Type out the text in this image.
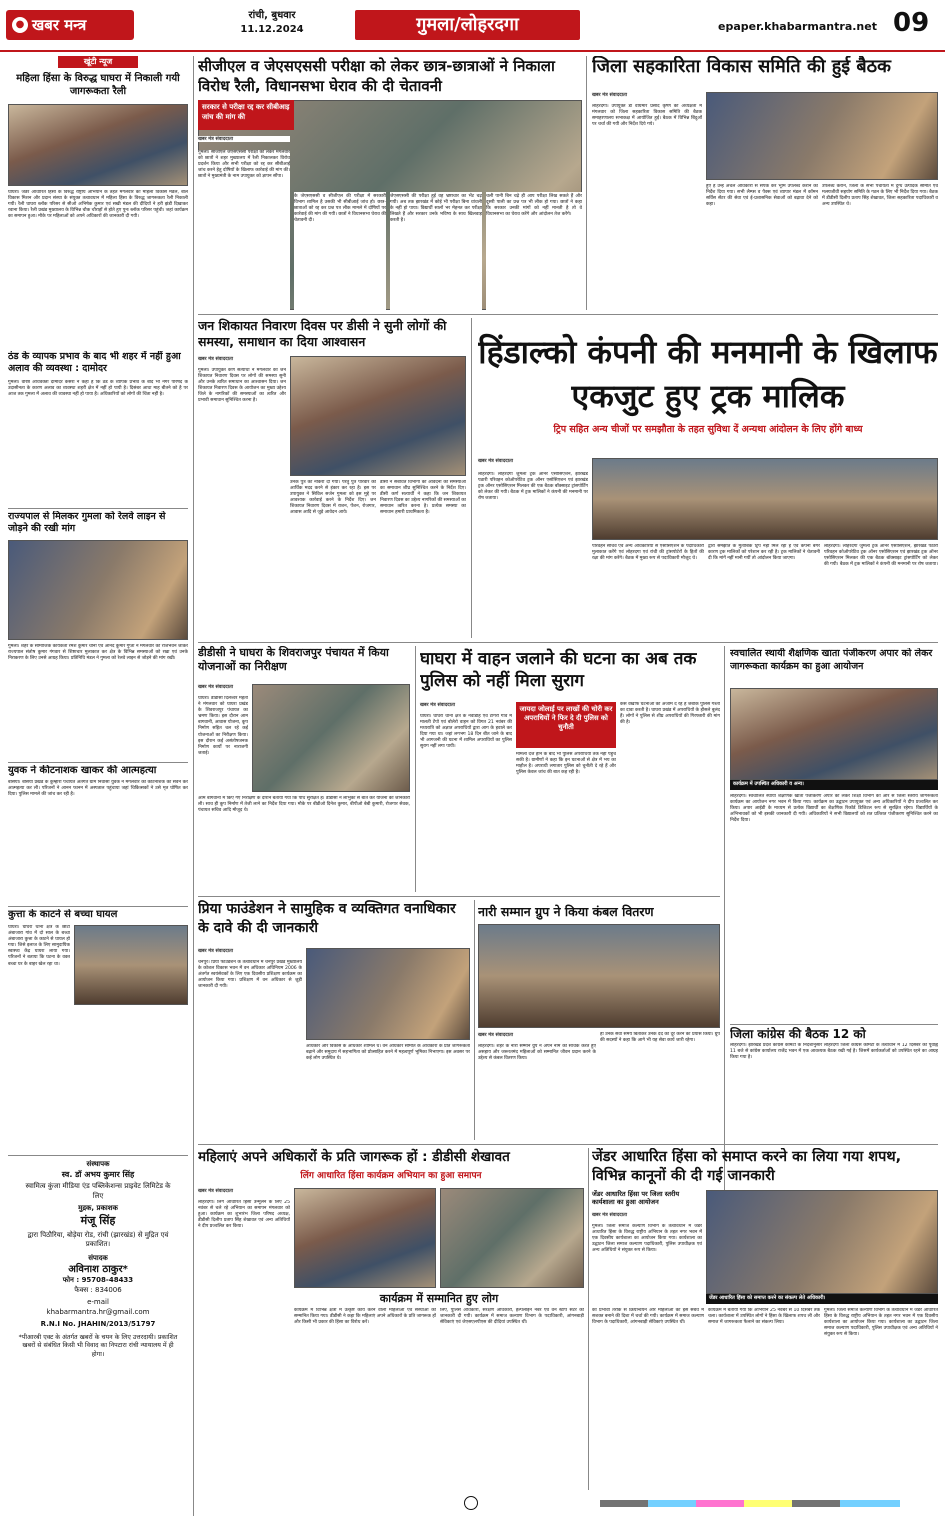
● खबर मन्त्र
रांची, बुधवार
11.12.2024	गुमला/लोहरदगा	epaper.khabarmantra.net 09
खूंटी न्यूज
महिला हिंसा के विरुद्ध घाघरा में निकाली गयी जागरूकता रैली
घाघरा। जेंडर आधारित हिंसा के विरुद्ध राष्ट्रीय अभियान के तहत मंगलवार को महिला विकास मंडल, बाल विकास मिशन और प्रदान संस्था के संयुक्त तत्वावधान में महिला हिंसा के विरुद्ध जागरूकता रैली निकाली गयी। रैली घाघरा ब्लॉक परिसर से सीओ अभिषेक कुमार एवं सखी मंडल की दीदियों ने हरी झंडी दिखाकर रवाना किया। रैली प्रखंड मुख्यालय के विभिन्न चौक चौराहों से होते हुए पुनः ब्लॉक परिसर पहुंची। जहां कार्यक्रम का समापन हुआ। मौके पर महिलाओं को अपने अधिकारों की जानकारी दी गयी।
ठंड के व्यापक प्रभाव के बाद भी शहर में नहीं हुआ अलाव की व्यवस्था : दामोदर
गुमला। वरिष्ठ अधिवक्ता दामोदर कसेरा ने कहा है कि ठंड के व्यापक प्रभाव के बाद भी नगर परिषद के उदासीनता के कारण अलाव का व्यवस्था शहरी क्षेत्र में नहीं हो पायी है। दिसंबर आधा माह बीतने को है पर आज तक गुमला में अलाव की व्यवस्था नहीं हो पाया है। अधिकारियों को लोगों की चिंता नहीं है।
राज्यपाल से मिलकर गुमला को रेलवे लाइन से जोड़ने की रखी मांग
गुमला। शहर के सामाजिक कार्यकर्ता रमेश कुमार चीनी एवं आनंद कुमार गुप्ता ने मंगलवार को राजभवन जाकर राज्यपाल संतोष कुमार गंगवार से शिष्टाचार मुलाकात कर क्षेत्र के विभिन्न समस्याओं को रखा एवं उनके निराकरण के लिए उनसे आग्रह किया। प्रतिनिधि मंडल ने गुमला को रेलवे लाइन से जोड़ने की मांग रखी।
युवक ने कीटनाशक खाकर की आत्महत्या
बसिया। बसिया प्रखंड के कुम्हारी पंचायत अंतर्गत ग्राम निवासी युवक ने मंगलवार को कीटनाशक का सेवन कर आत्महत्या कर ली। परिजनों ने आनन फानन में अस्पताल पहुंचाया जहां चिकित्सकों ने उसे मृत घोषित कर दिया। पुलिस मामले की जांच कर रही है।
कुत्ता के काटने से बच्चा घायल
घाघरा। घाघरा थाना क्षेत्र के छोटा अंबाजारा गांव में दो साल के बच्चा अंबाजारा कुत्ता के काटने से घायल हो गया। जिसे इलाज के लिए सामुदायिक स्वास्थ्य केंद्र घाघरा लाया गया। परिजनों ने बताया कि घटना के वक्त बच्चा घर के बाहर खेल रहा था।
संस्थापक
स्व. डॉ अभय कुमार सिंह
स्वामित्व कुंजा मीडिया एंड पब्लिकेशन्स प्राइवेट लिमिटेड के लिए
मुद्रक, प्रकाशक
मंजू सिंह
द्वारा पिठौरिया, बोड़ेया रोड, रांची (झारखंड) से मुद्रित एवं प्रकाशित।
संपादक
अविनाश ठाकुर*
फोन : 95708-48433
फैक्स : 834006
e-mail
khabarmantra.hr@gmail.com
R.N.I No. JHAHIN/2013/51797
*पीआरबी एक्ट के अंतर्गत खबरों के चयन के लिए उत्तरदायी। प्रकाशित खबरों से संबंधित किसी भी विवाद का निपटारा रांची न्यायालय में ही होगा।
सीजीएल व जेएसएससी परीक्षा को लेकर छात्र-छात्राओं ने निकाला विरोध रैली, विधानसभा घेराव की दी चेतावनी
सरकार से परीक्षा रद्द कर सीबीआइ जांच की मांग की
खबर मंत्र संवाददाता
गुमला। सीजीएल जेएसएससी परीक्षा को लेकर मंगलवार को छात्रों ने शहर मुख्यालय में रैली निकालकर विरोध प्रदर्शन किया और सभी परीक्षा को रद्द कर सीबीआई जांच करने हेतु दोषियों के खिलाफ कार्रवाई की मांग की। छात्रों ने मुख्यमंत्री के नाम उपायुक्त को ज्ञापन सौंपा।
के जेएसएससी व सीजीएल की परीक्षा में सरकारी विभाग शामिल है उसकी भी सीबीआई जांच हो। छात्र-छात्राओं को रद्द कर प्रश्न पत्र लीक मामले में दोषियों पर कार्रवाई की मांग की गयी। छात्रों ने विधानसभा घेराव की चेतावनी दी।
जेएसएससी की परीक्षा हुई वह भ्रष्टाचार का भेंट चढ़ गयी। अब तक झारखंड में कोई भी परीक्षा बिना धांधली के नहीं हो पाया। विद्यार्थी सालों भर मेहनत कर परीक्षा लिखते हैं और सरकार उनके भविष्य के साथ खिलवाड़ करती है।
चली पानी बिन चढ़े ही आप परीक्षा लिख सकते हैं और दूसरी पाली का प्रश्न पत्र भी लीक हो गया। छात्रों ने कहा कि सरकार उनकी मांगों को नहीं मानती है तो वे विधानसभा का घेराव करेंगे और आंदोलन तेज करेंगे।
जिला सहकारिता विकास समिति की हुई बैठक
खबर मंत्र संवाददाता
लोहरदगा। उपायुक्त डॉ वाघमारे प्रसाद कृष्ण की अध्यक्षता में मंगलवार को जिला सहकारिता विकास समिति की बैठक समाहरणालय सभाकक्ष में आयोजित हुई। बैठक में विभिन्न बिंदुओं पर चर्चा की गयी और निर्देश दिये गये।
हुए हैं उन्हें अंचल अधिकारी से संपर्क कर भूमि उपलब्ध कराने का निर्देश दिया गया। सभी लैम्प्स व पैक्स एवं व्यापार मंडल में कॉमन सर्विस सेंटर की सेवा एवं ई-प्रशासनिक सेवाओं को बढ़ावा देने को कहा।
उपलब्ध कराने, जिला के सभी पंचायतों में दुग्ध उत्पादक समिति एवं मत्स्यजीवी सहयोग समिति के गठन के लिए भी निर्देश दिया गया। बैठक में डीडीसी दिलीप प्रताप सिंह शेखावत, जिला सहकारिता पदाधिकारी व अन्य उपस्थित थे।
जन शिकायत निवारण दिवस पर डीसी ने सुनी लोगों की समस्या, समाधान का दिया आश्वासन
खबर मंत्र संवाददाता
गुमला। उपायुक्त कर्ण सत्यार्थी ने मंगलवार को जन शिकायत निवारण दिवस पर लोगों की समस्या सुनी और उनके त्वरित समाधान का आश्वासन दिया। जन शिकायत निवारण दिवस के आयोजन का मुख्य उद्देश्य जिले के नागरिकों की समस्याओं का त्वरित और प्रभावी समाधान सुनिश्चित करना है।
उनके पुत्र को नौकरी दी गयी। परंतु पुत्र परिवार की आर्थिक मदद करने से इंकार कर रहा है। इस पर उपायुक्त ने सिविल सर्जन गुमला को इस मुद्दे पर आवश्यक कार्रवाई करने के निर्देश दिए। जन शिकायत निवारण दिवस में राशन, पेंशन, रोजगार, आवास आदि से जुड़े आवेदन आये।
डीसी ने संबंधित विभागों को आवेदनों की समस्याओं का समाधान शीघ्र सुनिश्चित करने के निर्देश दिए। डीसी कर्ण सत्यार्थी ने कहा कि जन शिकायत निवारण दिवस का उद्देश्य नागरिकों की समस्याओं का समाधान त्वरित करना है। प्रत्येक समस्या का समाधान हमारी प्राथमिकता है।
हिंडाल्को कंपनी की मनमानी के खिलाफ एकजुट हुए ट्रक मालिक
ट्रिप सहित अन्य चीजों पर समझौता के तहत सुविधा दें अन्यथा आंदोलन के लिए होंगे बाध्य
खबर मंत्र संवाददाता
लोहरदगा। लोहरदगा जुमला ट्रक ऑनर एसोसिएशन, झारखंड पठारी परिवहन कोऑपरेटिव ट्रक ऑनर एसोसिएशन एवं झारखंड ट्रक ऑनर एसोसिएशन मिलकर की एक बैठक बॉक्साइट ट्रांसपोर्टिंग को लेकर की गयी। बैठक में ट्रक मालिकों ने कंपनी की मनमानी पर रोष जताया।
परिवहन सचिव एवं अन्य अधिकारियों से एसोसिएशन के पदाधिकारी मुलाकात करेंगे एवं लोहरदगा एवं रांची की ट्रांसपोर्टरों के हितों की रक्षा की मांग करेंगे। बैठक में मुख्य रूप से पदाधिकारी मौजूद थे।
द्वारा समझौते के मुताबिक ट्रिप नहीं मिल रहा है एवं कंपनी बगैर कारण ट्रक मालिकों को परेशान कर रही है। ट्रक मालिकों ने चेतावनी दी कि मांगें नहीं मानी गयीं तो आंदोलन किया जाएगा।
लोहरदगा। लोहरदगा जुमला ट्रक ऑनर एसोसिएशन, झारखंड पठारी परिवहन कोऑपरेटिव ट्रक ऑनर एसोसिएशन एवं झारखंड ट्रक ऑनर एसोसिएशन मिलकर की एक बैठक बॉक्साइट ट्रांसपोर्टिंग को लेकर की गयी। बैठक में ट्रक मालिकों ने कंपनी की मनमानी पर रोष जताया।
डीडीसी ने घाघरा के शिवराजपुर पंचायत में किया योजनाओं का निरीक्षण
खबर मंत्र संवाददाता
घाघरा। डीडीसी दिलेश्वर महतो ने मंगलवार को घाघरा प्रखंड के शिवराजपुर पंचायत का भ्रमण किया। इस दौरान आम बागवानी, आवास योजना, कूप निर्माण सहित चल रहे कई योजनाओं का निरीक्षण किया। इस दौरान कई असंतोषजनक निर्माण कार्यों पर नाराजगी जताई।
आम बागवानी में किए गए निरीक्षण के दौरान बताया गया कि पौधे सुरक्षित हैं। डीडीसी ने लाभुकों से बात कर योजना की जानकारी ली। साथ ही कूप निर्माण में तेजी लाने का निर्देश दिया गया। मौके पर बीडीओ दिनेश कुमार, बीपीओ बेबी कुमारी, रोजगार सेवक, पंचायत सचिव आदि मौजूद थे।
घाघरा में वाहन जलाने की घटना का अब तक पुलिस को नहीं मिला सुराग
खबर मंत्र संवाददाता
घाघरा। घाघरा थाना क्षेत्र के नवाडीह एवं टोंगरी गांव में मालती टेंपो एवं बोलेरो वाहन को विगत 21 नवंबर की मध्यरात्रि को अज्ञात अपराधियों द्वारा आग के हवाले कर दिया गया था। जहां लगभग 18 दिन बीत जाने के बाद भी आगजनी की घटना में शामिल अपराधियों का पुलिस सुराग नहीं लगा पायी।
जायदा जोलाई पर लाखों की चोरी कर अपराधियों ने फिर दे दी पुलिस को चुनौती
मामला दर्ज होने के बाद भी पुलिस अपराधियों तक नहीं पहुंच सकी है। ग्रामीणों ने कहा कि इन घटनाओं से क्षेत्र में भय का माहौल है। अपराधी लगातार पुलिस को चुनौती दे रहे हैं और पुलिस केवल जांच की बात कह रही है।
कैसे वेखौफ घटनाओं को अंजाम दे रहे हैं जबकि पुलिस गश्ती का दावा करती है। घाघरा प्रखंड में अपराधियों के हौसले बुलंद हैं। लोगों ने पुलिस से शीघ्र अपराधियों की गिरफ्तारी की मांग की है।
स्वचालित स्थायी शैक्षणिक खाता पंजीकरण अपार को लेकर जागरूकता कार्यक्रम का हुआ आयोजन
कार्यक्रम में उपस्थित अधिकारी व अन्य।
लोहरदगा। स्वचालित स्थायी शैक्षणिक खाता पंजीकरण अपार को लेकर शिक्षा विभाग की ओर से जिला स्तरीय जागरूकता कार्यक्रम का आयोजन नगर भवन में किया गया। कार्यक्रम का उद्घाटन उपायुक्त एवं अन्य अधिकारियों ने दीप प्रज्वलित कर किया। अपार आईडी के माध्यम से प्रत्येक विद्यार्थी का शैक्षणिक रिकॉर्ड डिजिटल रूप से सुरक्षित रहेगा। विद्यार्थियों के अभिभावकों को भी इसकी जानकारी दी गयी। अधिकारियों ने सभी विद्यालयों को शत प्रतिशत पंजीकरण सुनिश्चित करने का निर्देश दिया।
जिला कांग्रेस की बैठक 12 को
लोहरदगा। झारखंड प्रदेश कांग्रेस कमिटी के निर्देशानुसार लोहरदगा जिला कांग्रेस कमिटी के तत्वाधान में 12 दिसंबर को पूर्वाह्न 11 बजे से कांग्रेस कार्यालय राजेंद्र भवन में एक आवश्यक बैठक रखी गई है। जिसमें कार्यकर्ताओं को उपस्थित रहने का आग्रह किया गया है।
प्रिया फाउंडेशन ने सामुहिक व व्यक्तिगत वनाधिकार के दावे की दी जानकारी
खबर मंत्र संवाददाता
चैनपुर। प्रिया फाउंडेशन के तत्वावधान में चैनपुर प्रखंड मुख्यालय के कोशल विकास भवन में वन अधिकार अधिनियम 2006 के अंतर्गत स्वयंसेवकों के लिए एक दिवसीय प्रशिक्षण कार्यक्रम का आयोजन किया गया। प्रशिक्षण में वन अधिकार से जुड़ी जानकारी दी गयी।
अधिकार और विकास के अधिकार शामिल थे। वन अधिकार समिति के अधिकारों के प्रति जागरूकता बढ़ाने और समुदाय में सहभागिता को प्रोत्साहित करने में महत्वपूर्ण भूमिका निभाएगा। इस अवसर पर कई लोग उपस्थित थे।
नारी सम्मान ग्रुप ने किया कंबल वितरण
खबर मंत्र संवाददाता
लोहरदगा। शहर के नारी सम्मान ग्रुप ने अपने नाम को सार्थक करते हुए असहाय और जरूरतमंद महिलाओं को सम्मानित जीवन प्रदान करने के उद्देश्य से कंबल वितरण किया।
ही उनके सेवा समय बिताकर उनके दर्द को दूर करने का प्रयास किया। ग्रुप की सदस्यों ने कहा कि आगे भी यह सेवा कार्य जारी रहेगा।
महिलाएं अपने अधिकारों के प्रति जागरूक हों : डीडीसी शेखावत
लिंग आधारित हिंसा कार्यक्रम अभियान का हुआ समापन
खबर मंत्र संवाददाता
लोहरदगा। लिंग आधारित हिंसा उन्मूलन के लिए 25 नवंबर से चले रहे अभियान का समापन मंगलवार को हुआ। कार्यक्रम का शुभारंभ जिला परिषद अध्यक्ष, डीडीसी दिलीप प्रताप सिंह शेखावत एवं अन्य अतिथियों ने दीप प्रज्वलित कर किया।
कार्यक्रम में सम्मानित हुए लोग
कार्यक्रम में विभिन्न क्षेत्रों में उत्कृष्ट कार्य करने वाली महिलाओं एवं संस्थाओं को सम्मानित किया गया। डीडीसी ने कहा कि महिलाएं अपने अधिकारों के प्रति जागरूक हों और किसी भी प्रकार की हिंसा का विरोध करें।
लिए, पुलिस अधिकारी, संरक्षण अधिकारी, हेल्पलाइन नंबर एवं वन स्टॉप सेंटर की जानकारी दी गयी। कार्यक्रम में समाज कल्याण विभाग के पदाधिकारी, आंगनबाड़ी सेविकाएं एवं जेएसएलपीएस की दीदियां उपस्थित थीं।
जेंडर आधारित हिंसा को समाप्त करने का लिया गया शपथ, विभिन्न कानूनों की दी गई जानकारी
जेंडर आधारित हिंसा पर जिला स्तरीय कार्यशाला का हुआ आयोजन
खबर मंत्र संवाददाता
गुमला। जिला समाज कल्याण विभाग के तत्वावधान में जेंडर आधारित हिंसा के विरुद्ध राष्ट्रीय अभियान के तहत नगर भवन में एक दिवसीय कार्यशाला का आयोजन किया गया। कार्यशाला का उद्घाटन जिला समाज कल्याण पदाधिकारी, पुलिस उपाधीक्षक एवं अन्य अतिथियों ने संयुक्त रूप से किया।
जेंडर आधारित हिंसा को समाप्त करने का संकल्प लेते अधिकारी।
को प्रभावी तरीके से क्रियान्वयन और महिलाओं को इस संबंध में सशक्त बनाने की दिशा में चर्चा की गयी। कार्यक्रम में समाज कल्याण विभाग के पदाधिकारी, आंगनबाड़ी सेविकाएं उपस्थित थीं।
कार्यक्रम में बताया गया कि अभियान 25 नवंबर से 10 दिसंबर तक चला। कार्यशाला में उपस्थित लोगों ने हिंसा के खिलाफ शपथ ली और समाज में जागरूकता फैलाने का संकल्प लिया।
गुमला। जिला समाज कल्याण विभाग के तत्वावधान में जेंडर आधारित हिंसा के विरुद्ध राष्ट्रीय अभियान के तहत नगर भवन में एक दिवसीय कार्यशाला का आयोजन किया गया। कार्यशाला का उद्घाटन जिला समाज कल्याण पदाधिकारी, पुलिस उपाधीक्षक एवं अन्य अतिथियों ने संयुक्त रूप से किया।
